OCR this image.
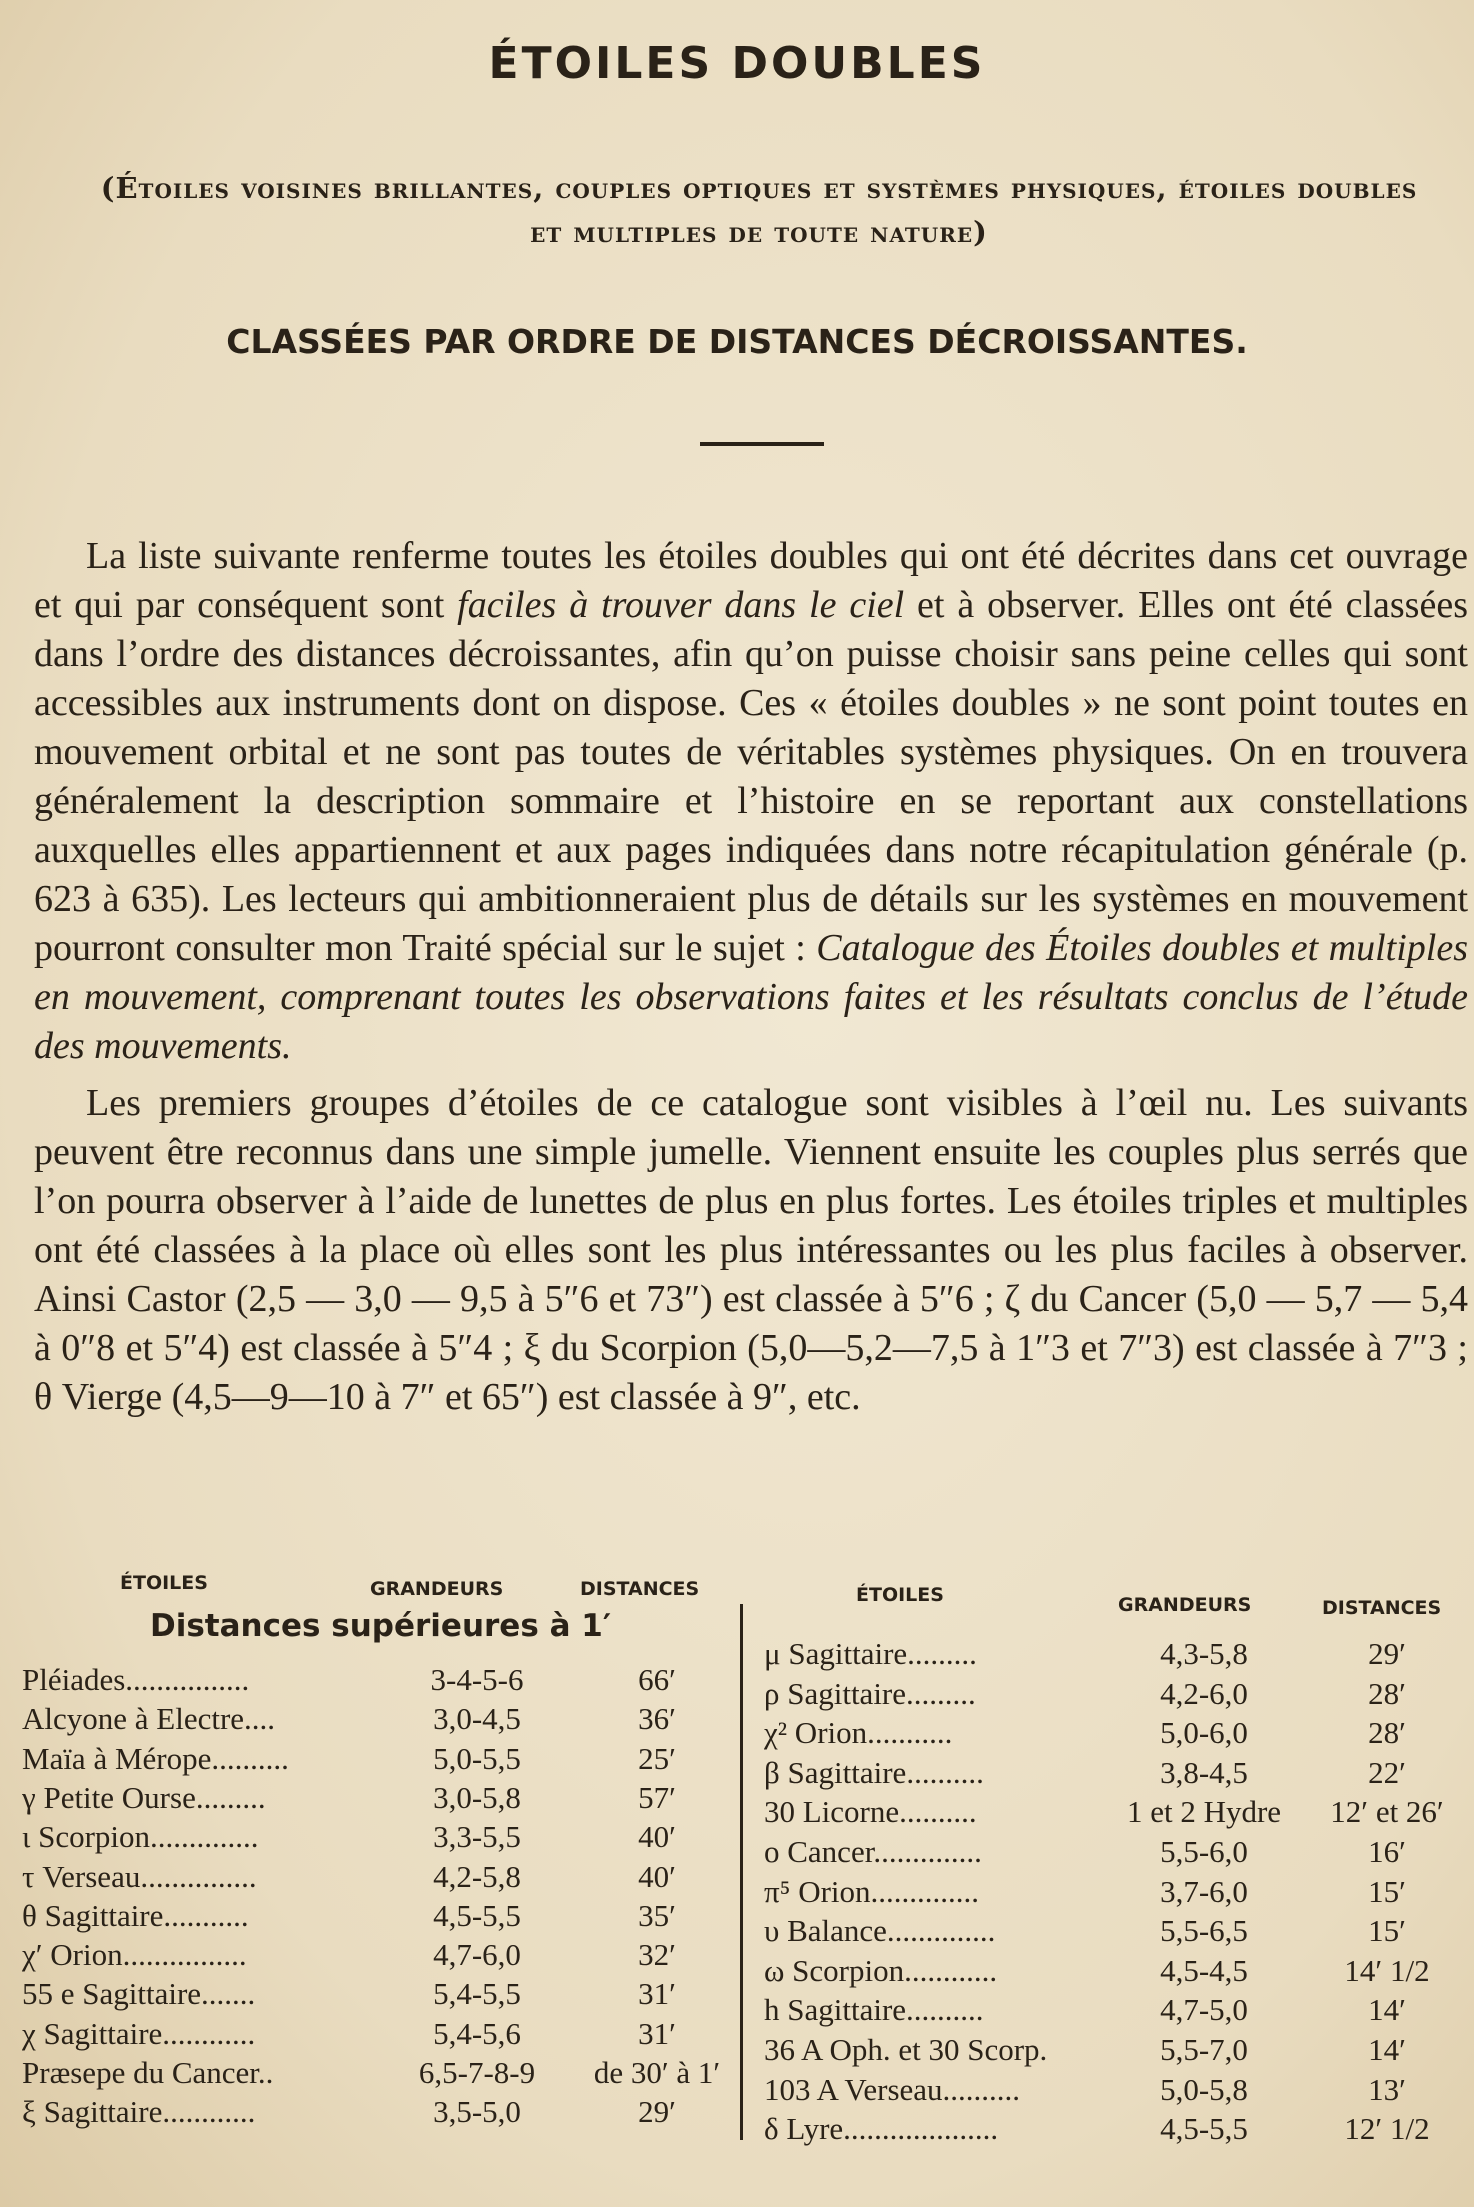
ÉTOILES DOUBLES
(Étoiles voisines brillantes, couples optiques et systèmes physiques, étoiles doubles
et multiples de toute nature)
CLASSÉES PAR ORDRE DE DISTANCES DÉCROISSANTES.

La liste suivante renferme toutes les étoiles doubles qui ont été décrites dans cet ouvrage et qui par conséquent sont faciles à trouver dans le ciel et à observer. Elles ont été classées dans l’ordre des distances décroissantes, afin qu’on puisse choisir sans peine celles qui sont accessibles aux instruments dont on dispose. Ces « étoiles doubles » ne sont point toutes en mouvement orbital et ne sont pas toutes de véritables systèmes physiques. On en trouvera généralement la description sommaire et l’histoire en se reportant aux constellations auxquelles elles appartiennent et aux pages indiquées dans notre récapitulation générale (p. 623 à 635). Les lecteurs qui ambitionneraient plus de détails sur les systèmes en mouvement pourront consulter mon Traité spécial sur le sujet : Catalogue des Étoiles doubles et multiples en mouvement, comprenant toutes les observations faites et les résultats conclus de l’étude des mouvements.

Les premiers groupes d’étoiles de ce catalogue sont visibles à l’œil nu. Les suivants peuvent être reconnus dans une simple jumelle. Viennent ensuite les couples plus serrés que l’on pourra observer à l’aide de lunettes de plus en plus fortes. Les étoiles triples et multiples ont été classées à la place où elles sont les plus intéressantes ou les plus faciles à observer. Ainsi Castor (2,5 — 3,0 — 9,5 à 5″6 et 73″) est classée à 5″6 ; ζ du Cancer (5,0 — 5,7 — 5,4 à 0″8 et 5″4) est classée à 5″4 ; ξ du Scorpion (5,0—5,2—7,5 à 1″3 et 7″3) est classée à 7″3 ; θ Vierge (4,5—9—10 à 7″ et 65″) est classée à 9″, etc.

ÉTOILES	GRANDEURS	DISTANCES	ÉTOILES	GRANDEURS	DISTANCES
Distances supérieures à 1′
Pléiades................	3-4-5-6	66′
Alcyone à Electre....	3,0-4,5	36′
Maïa à Mérope..........	5,0-5,5	25′
γ Petite Ourse.........	3,0-5,8	57′
ι Scorpion..............	3,3-5,5	40′
τ Verseau...............	4,2-5,8	40′
θ Sagittaire...........	4,5-5,5	35′
χ′ Orion................	4,7-6,0	32′
55 e Sagittaire.......	5,4-5,5	31′
χ Sagittaire............	5,4-5,6	31′
Præsepe du Cancer..	6,5-7-8-9	de 30′ à 1′
ξ Sagittaire............	3,5-5,0	29′
μ Sagittaire.........	4,3-5,8	29′
ρ Sagittaire.........	4,2-6,0	28′
χ² Orion...........	5,0-6,0	28′
β Sagittaire..........	3,8-4,5	22′
30 Licorne..........	1 et 2 Hydre	12′ et 26′
ο Cancer..............	5,5-6,0	16′
π⁵ Orion..............	3,7-6,0	15′
υ Balance..............	5,5-6,5	15′
ω Scorpion............	4,5-4,5	14′ 1/2
h Sagittaire..........	4,7-5,0	14′
36 A Oph. et 30 Scorp.	5,5-7,0	14′
103 A Verseau..........	5,0-5,8	13′
δ Lyre....................	4,5-5,5	12′ 1/2
